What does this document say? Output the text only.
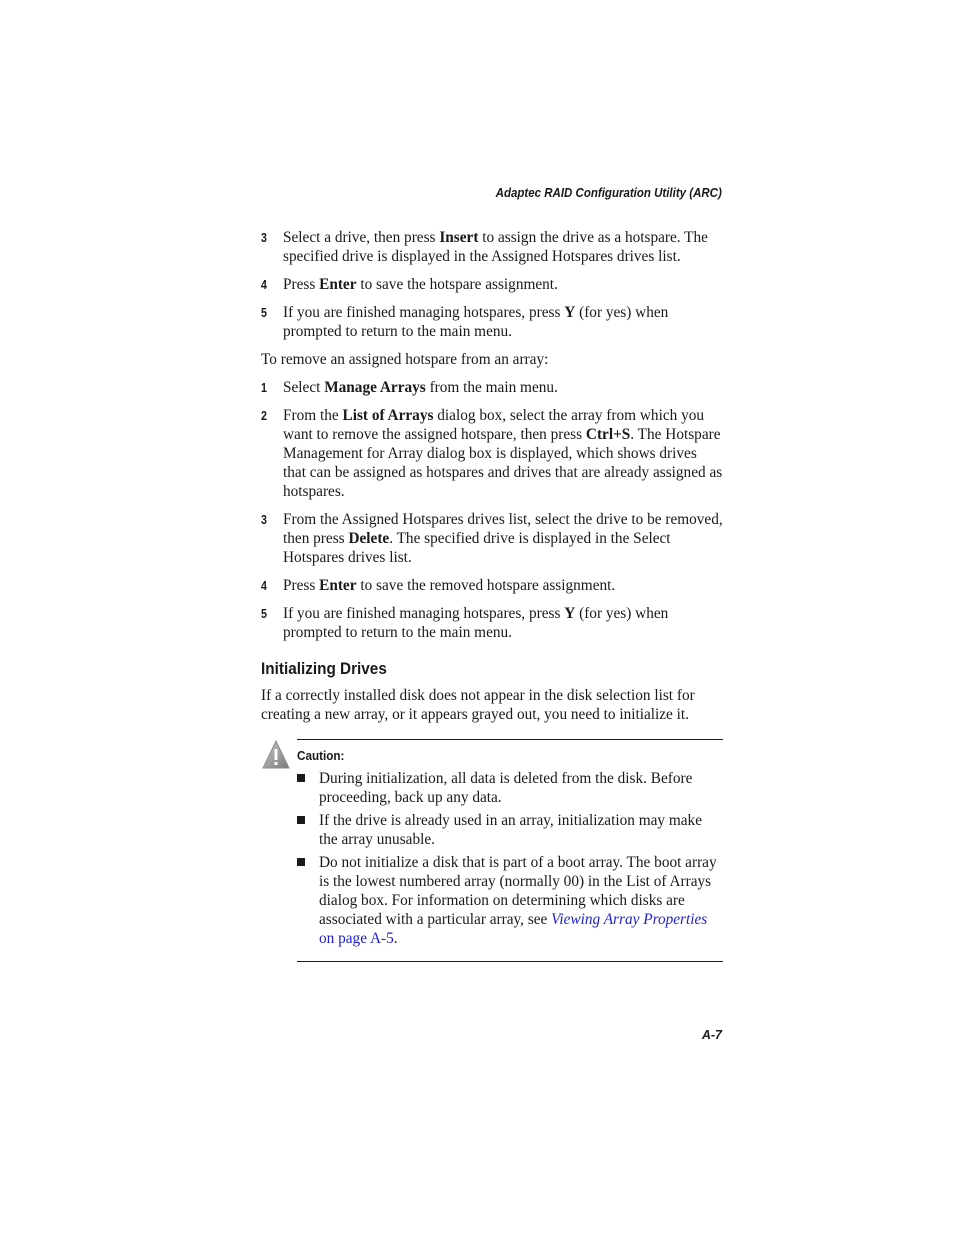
Adaptec RAID Configuration Utility (ARC)
3 Select a drive, then press Insert to assign the drive as a hotspare. The specified drive is displayed in the Assigned Hotspares drives list.
4 Press Enter to save the hotspare assignment.
5 If you are finished managing hotspares, press Y (for yes) when prompted to return to the main menu.

To remove an assigned hotspare from an array:

1 Select Manage Arrays from the main menu.
2 From the List of Arrays dialog box, select the array from which you want to remove the assigned hotspare, then press Ctrl+S. The Hotspare Management for Array dialog box is displayed, which shows drives that can be assigned as hotspares and drives that are already assigned as hotspares.
3 From the Assigned Hotspares drives list, select the drive to be removed, then press Delete. The specified drive is displayed in the Select Hotspares drives list.
4 Press Enter to save the removed hotspare assignment.
5 If you are finished managing hotspares, press Y (for yes) when prompted to return to the main menu.
Initializing Drives

If a correctly installed disk does not appear in the disk selection list for creating a new array, or it appears grayed out, you need to initialize it.

Caution:
During initialization, all data is deleted from the disk. Before proceeding, back up any data.
If the drive is already used in an array, initialization may make the array unusable.
Do not initialize a disk that is part of a boot array. The boot array is the lowest numbered array (normally 00) in the List of Arrays dialog box. For information on determining which disks are associated with a particular array, see Viewing Array Properties on page A-5.
A-7
